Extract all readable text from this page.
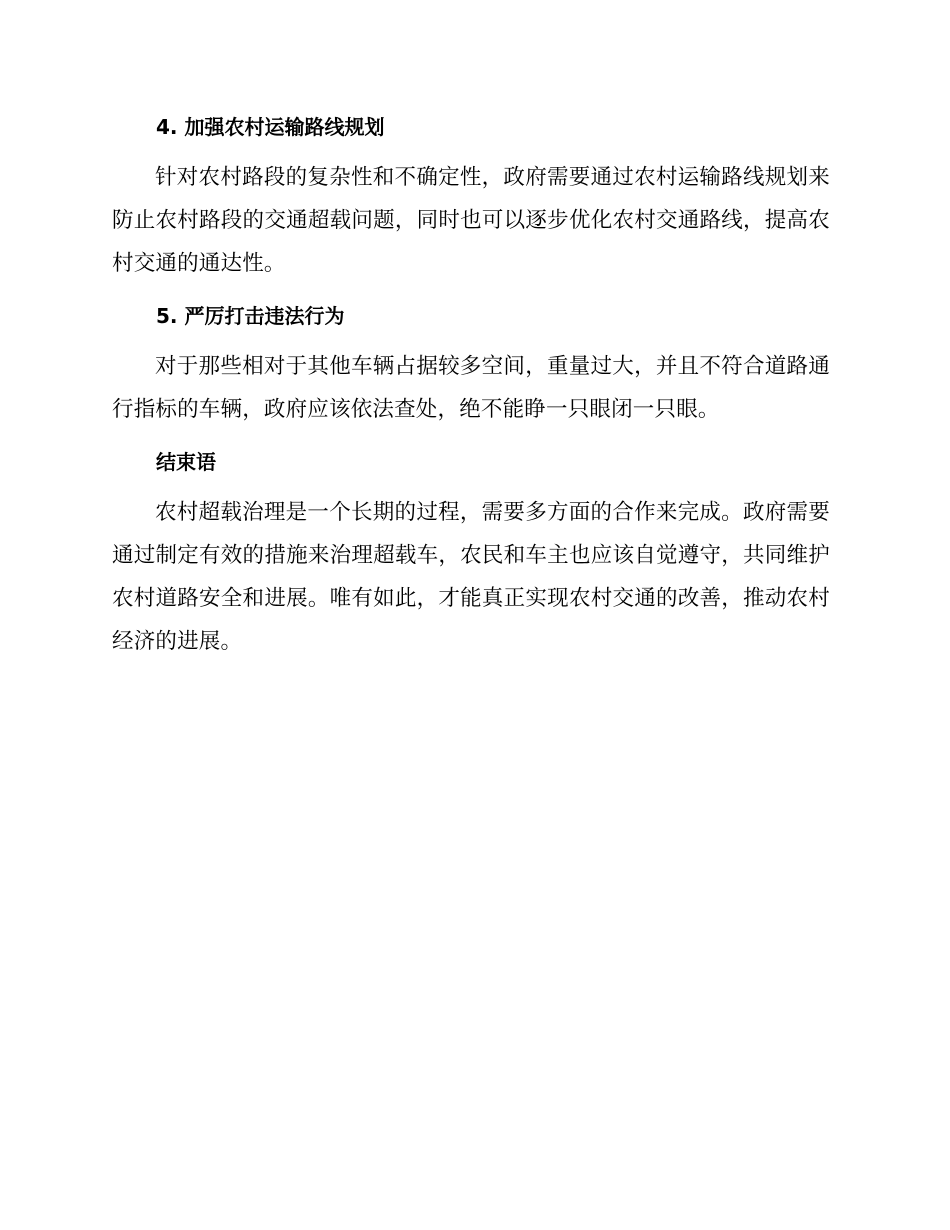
4. 加强农村运输路线规划

针对农村路段的复杂性和不确定性，政府需要通过农村运输路线规划来防止农村路段的交通超载问题，同时也可以逐步优化农村交通路线，提高农村交通的通达性。

5. 严厉打击违法行为

对于那些相对于其他车辆占据较多空间，重量过大，并且不符合道路通行指标的车辆，政府应该依法查处，绝不能睁一只眼闭一只眼。

结束语

农村超载治理是一个长期的过程，需要多方面的合作来完成。政府需要通过制定有效的措施来治理超载车，农民和车主也应该自觉遵守，共同维护农村道路安全和进展。唯有如此，才能真正实现农村交通的改善，推动农村经济的进展。
